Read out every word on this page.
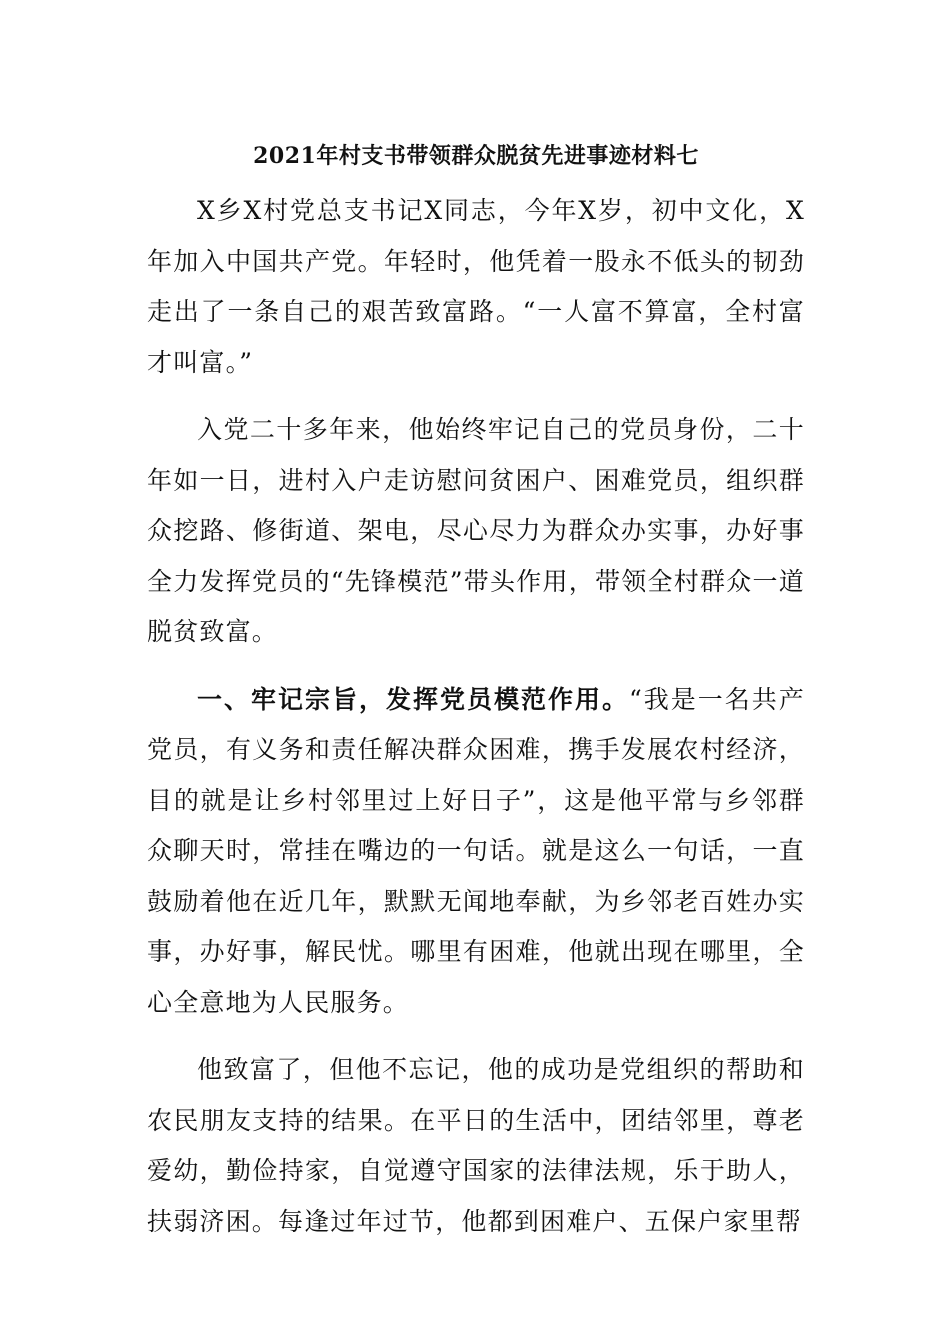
2021年村支书带领群众脱贫先进事迹材料七

X乡X村党总支书记X同志，今年X岁，初中文化，X年加入中国共产党。年轻时，他凭着一股永不低头的韧劲走出了一条自己的艰苦致富路。“一人富不算富，全村富才叫富。”

入党二十多年来，他始终牢记自己的党员身份，二十年如一日，进村入户走访慰问贫困户、困难党员，组织群众挖路、修街道、架电，尽心尽力为群众办实事，办好事全力发挥党员的“先锋模范”带头作用，带领全村群众一道脱贫致富。

一、牢记宗旨，发挥党员模范作用。“我是一名共产党员，有义务和责任解决群众困难，携手发展农村经济，目的就是让乡村邻里过上好日子”，这是他平常与乡邻群众聊天时，常挂在嘴边的一句话。就是这么一句话，一直鼓励着他在近几年，默默无闻地奉献，为乡邻老百姓办实事，办好事，解民忧。哪里有困难，他就出现在哪里，全心全意地为人民服务。

他致富了，但他不忘记，他的成功是党组织的帮助和农民朋友支持的结果。在平日的生活中，团结邻里，尊老爱幼，勤俭持家，自觉遵守国家的法律法规，乐于助人，扶弱济困。每逢过年过节，他都到困难户、五保户家里帮
